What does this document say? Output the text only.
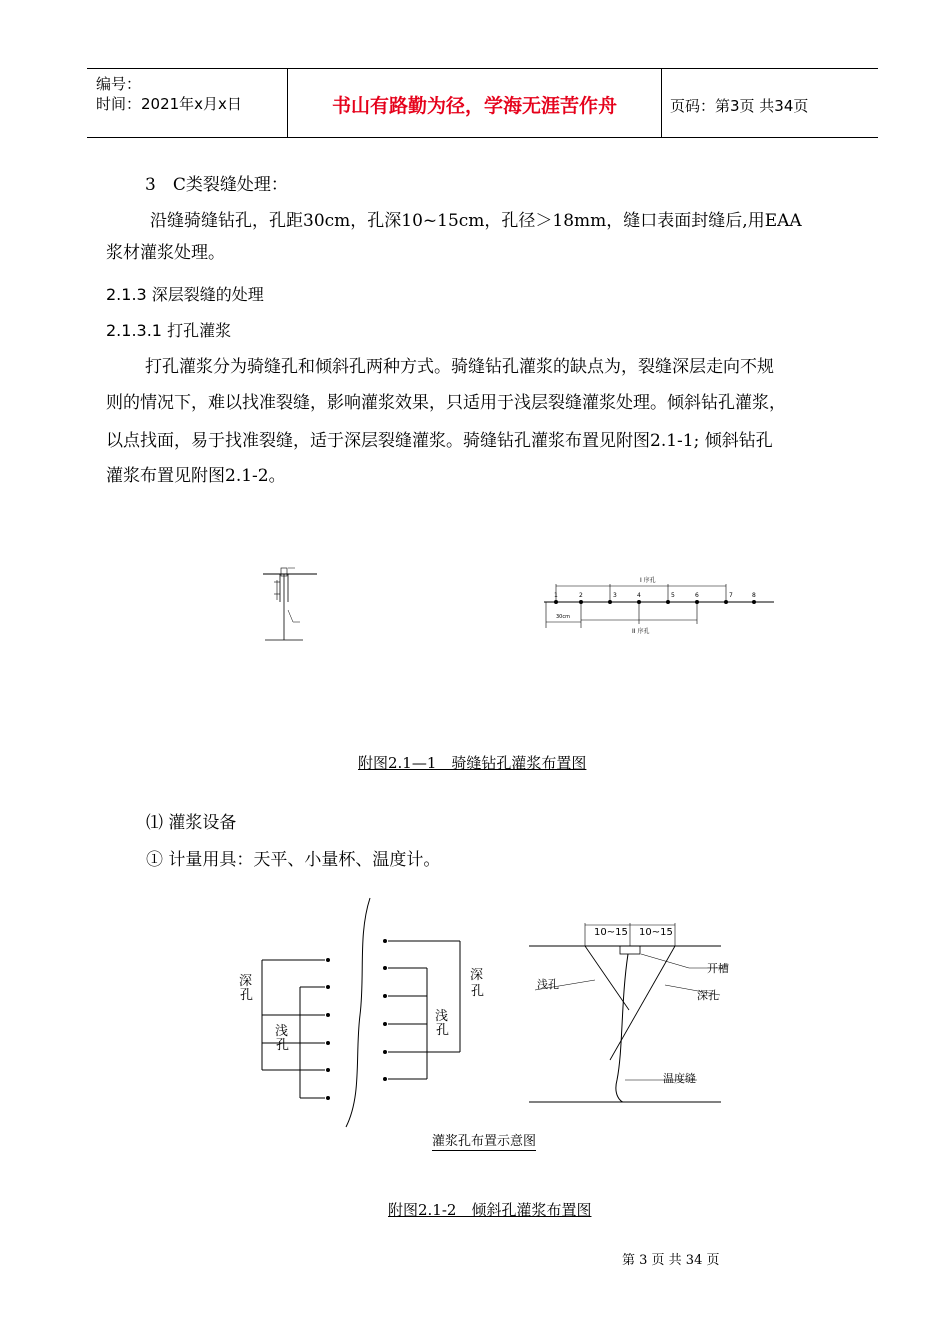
编号：
时间：2021年x月x日	书山有路勤为径，学海无涯苦作舟	页码：第3页 共34页
3　C类裂缝处理：
沿缝骑缝钻孔，孔距30cm，孔深10~15cm，孔径＞18mm，缝口表面封缝后,用EAA
浆材灌浆处理。
2.1.3 深层裂缝的处理
2.1.3.1 打孔灌浆
打孔灌浆分为骑缝孔和倾斜孔两种方式。骑缝钻孔灌浆的缺点为，裂缝深层走向不规
则的情况下，难以找准裂缝，影响灌浆效果，只适用于浅层裂缝灌浆处理。倾斜钻孔灌浆，
以点找面，易于找准裂缝，适于深层裂缝灌浆。骑缝钻孔灌浆布置见附图2.1-1; 倾斜钻孔
灌浆布置见附图2.1-2。
I 序孔
1	2	3	4	5	6	7	8
30cm
II 序孔
附图2.1—1　骑缝钻孔灌浆布置图
⑴ 灌浆设备
① 计量用具：天平、小量杯、温度计。
深
孔
浅
孔
浅
孔
深
孔
10~15 10~15
开槽
浅孔
深孔
温度缝
灌浆孔布置示意图
附图2.1-2　倾斜孔灌浆布置图
第 3 页 共 34 页
